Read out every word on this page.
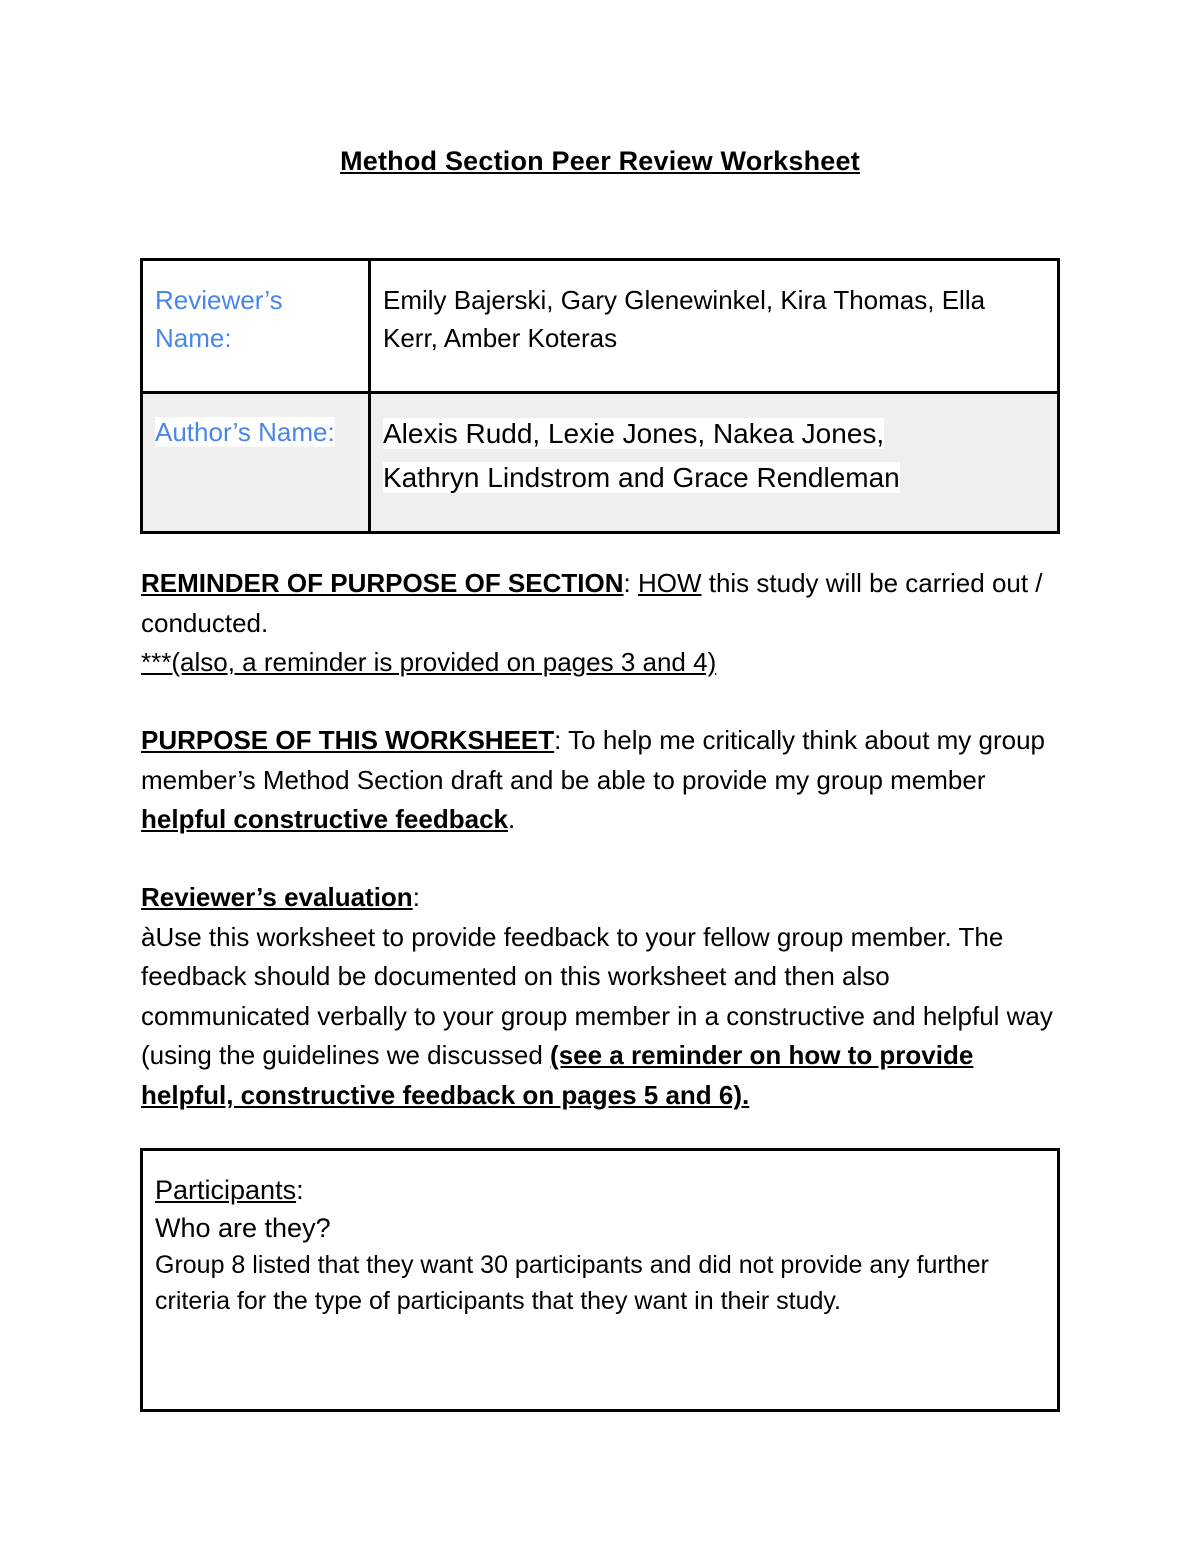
Method Section Peer Review Worksheet
Reviewer’s Name:	Emily Bajerski, Gary Glenewinkel, Kira Thomas, Ella Kerr, Amber Koteras
Author’s Name:	Alexis Rudd, Lexie Jones, Nakea Jones,
Kathryn Lindstrom and Grace Rendleman
REMINDER OF PURPOSE OF SECTION: HOW this study will be carried out / conducted.
***(also, a reminder is provided on pages 3 and 4)
PURPOSE OF THIS WORKSHEET: To help me critically think about my group member’s Method Section draft and be able to provide my group member helpful constructive feedback.
Reviewer’s evaluation:
àUse this worksheet to provide feedback to your fellow group member. The feedback should be documented on this worksheet and then also communicated verbally to your group member in a constructive and helpful way (using the guidelines we discussed (see a reminder on how to provide helpful, constructive feedback on pages 5 and 6).
Participants:
Who are they?
Group 8 listed that they want 30 participants and did not provide any further criteria for the type of participants that they want in their study.
